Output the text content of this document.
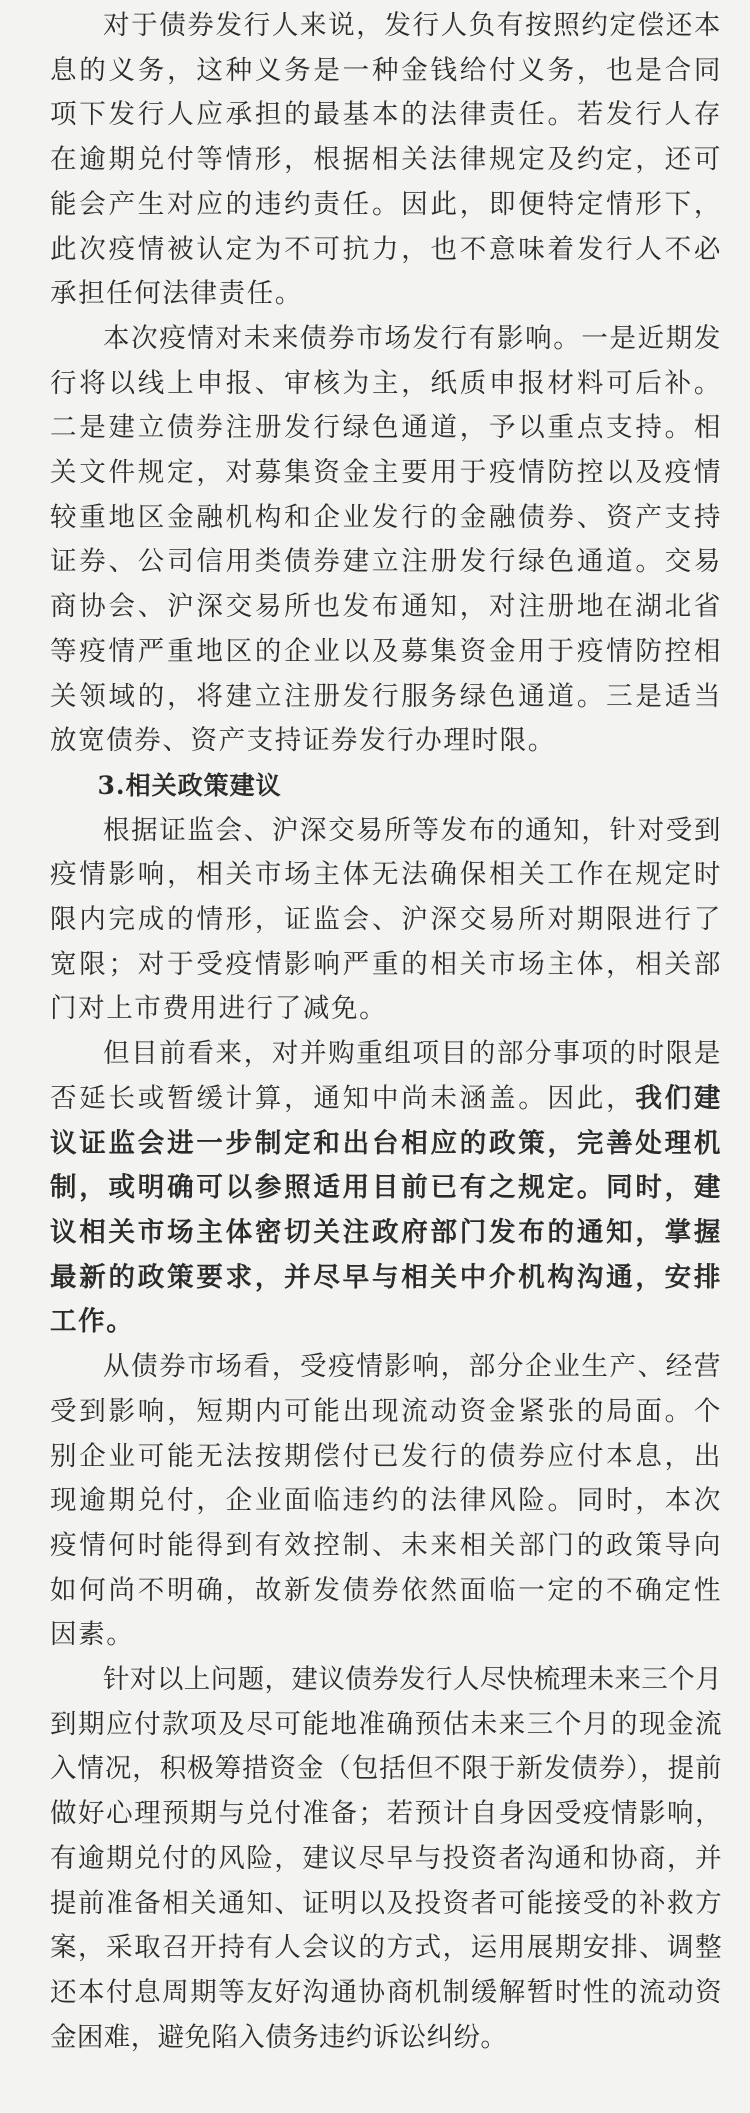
对于债券发行人来说，发行人负有按照约定偿还本息的义务，这种义务是一种金钱给付义务，也是合同项下发行人应承担的最基本的法律责任。若发行人存在逾期兑付等情形，根据相关法律规定及约定，还可能会产生对应的违约责任。因此，即便特定情形下，此次疫情被认定为不可抗力，也不意味着发行人不必承担任何法律责任。

本次疫情对未来债券市场发行有影响。一是近期发行将以线上申报、审核为主，纸质申报材料可后补。二是建立债券注册发行绿色通道，予以重点支持。相关文件规定，对募集资金主要用于疫情防控以及疫情较重地区金融机构和企业发行的金融债券、资产支持证券、公司信用类债券建立注册发行绿色通道。交易商协会、沪深交易所也发布通知，对注册地在湖北省等疫情严重地区的企业以及募集资金用于疫情防控相关领域的，将建立注册发行服务绿色通道。三是适当放宽债券、资产支持证券发行办理时限。

3.相关政策建议

根据证监会、沪深交易所等发布的通知，针对受到疫情影响，相关市场主体无法确保相关工作在规定时限内完成的情形，证监会、沪深交易所对期限进行了宽限；对于受疫情影响严重的相关市场主体，相关部门对上市费用进行了减免。

但目前看来，对并购重组项目的部分事项的时限是否延长或暂缓计算，通知中尚未涵盖。因此，我们建议证监会进一步制定和出台相应的政策，完善处理机制，或明确可以参照适用目前已有之规定。同时，建议相关市场主体密切关注政府部门发布的通知，掌握最新的政策要求，并尽早与相关中介机构沟通，安排工作。

从债券市场看，受疫情影响，部分企业生产、经营受到影响，短期内可能出现流动资金紧张的局面。个别企业可能无法按期偿付已发行的债券应付本息，出现逾期兑付，企业面临违约的法律风险。同时，本次疫情何时能得到有效控制、未来相关部门的政策导向如何尚不明确，故新发债券依然面临一定的不确定性因素。

针对以上问题，建议债券发行人尽快梳理未来三个月到期应付款项及尽可能地准确预估未来三个月的现金流入情况，积极筹措资金（包括但不限于新发债券），提前做好心理预期与兑付准备；若预计自身因受疫情影响，有逾期兑付的风险，建议尽早与投资者沟通和协商，并提前准备相关通知、证明以及投资者可能接受的补救方案，采取召开持有人会议的方式，运用展期安排、调整还本付息周期等友好沟通协商机制缓解暂时性的流动资金困难，避免陷入债务违约诉讼纠纷。
